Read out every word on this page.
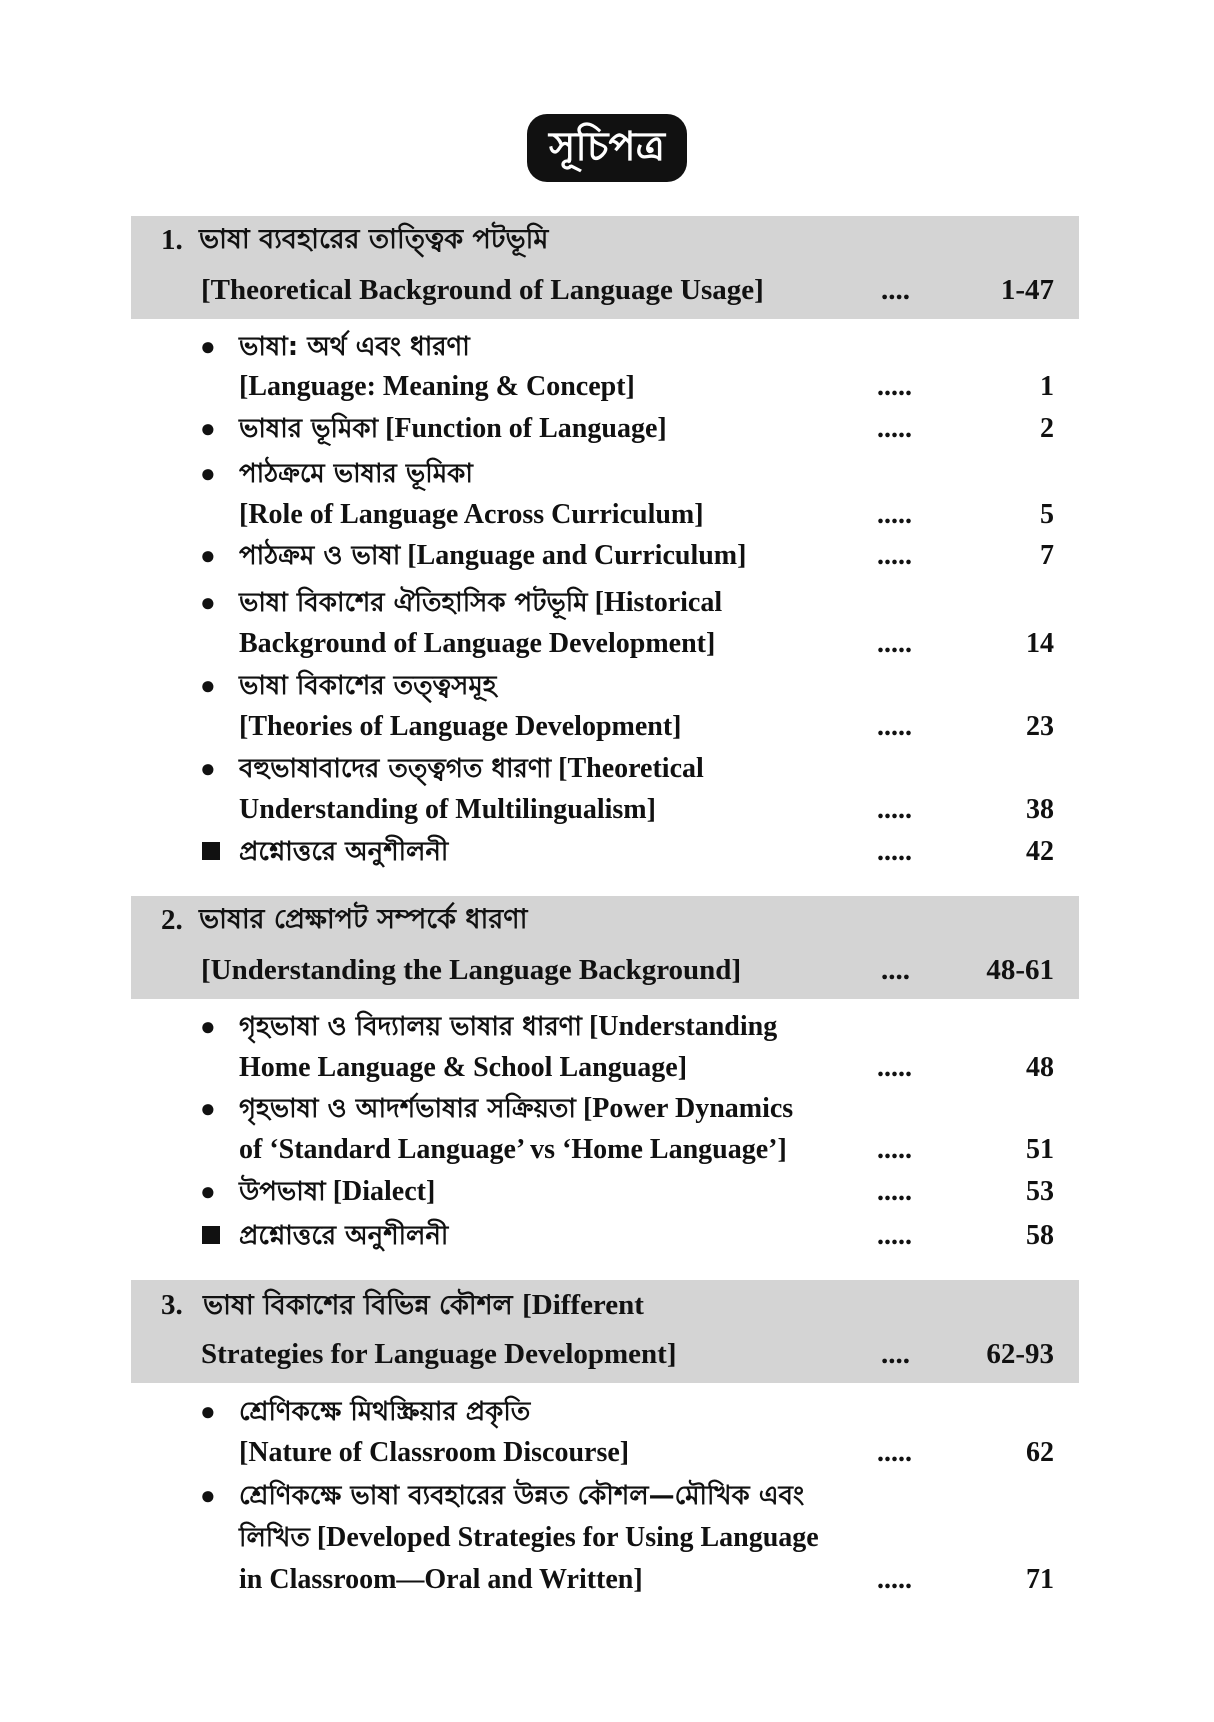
সূচিপত্র
1. ভাষা ব্যবহারের তাত্ত্বিক পটভূমি
[Theoretical Background of Language Usage]	....	1-47
● ভাষা: অর্থ এবং ধারণা
[Language: Meaning & Concept]	.....	1
● ভাষার ভূমিকা [Function of Language]	.....	2
● পাঠক্রমে ভাষার ভূমিকা
[Role of Language Across Curriculum]	.....	5
● পাঠক্রম ও ভাষা [Language and Curriculum]	.....	7
● ভাষা বিকাশের ঐতিহাসিক পটভূমি [Historical
Background of Language Development]	.....	14
● ভাষা বিকাশের তত্ত্বসমূহ
[Theories of Language Development]	.....	23
● বহুভাষাবাদের তত্ত্বগত ধারণা [Theoretical
Understanding of Multilingualism]	.....	38
প্রশ্নোত্তরে অনুশীলনী	.....	42
2. ভাষার প্রেক্ষাপট সম্পর্কে ধারণা
[Understanding the Language Background]	....	48-61
● গৃহভাষা ও বিদ্যালয় ভাষার ধারণা [Understanding
Home Language & School Language]	.....	48
● গৃহভাষা ও আদর্শভাষার সক্রিয়তা [Power Dynamics
of ‘Standard Language’ vs ‘Home Language’]	.....	51
● উপভাষা [Dialect]	.....	53
প্রশ্নোত্তরে অনুশীলনী	.....	58
3. ভাষা বিকাশের বিভিন্ন কৌশল [Different
Strategies for Language Development]	....	62-93
● শ্রেণিকক্ষে মিথস্ক্রিয়ার প্রকৃতি
[Nature of Classroom Discourse]	.....	62
● শ্রেণিকক্ষে ভাষা ব্যবহারের উন্নত কৌশল—মৌখিক এবং
লিখিত [Developed Strategies for Using Language
in Classroom—Oral and Written]	.....	71
